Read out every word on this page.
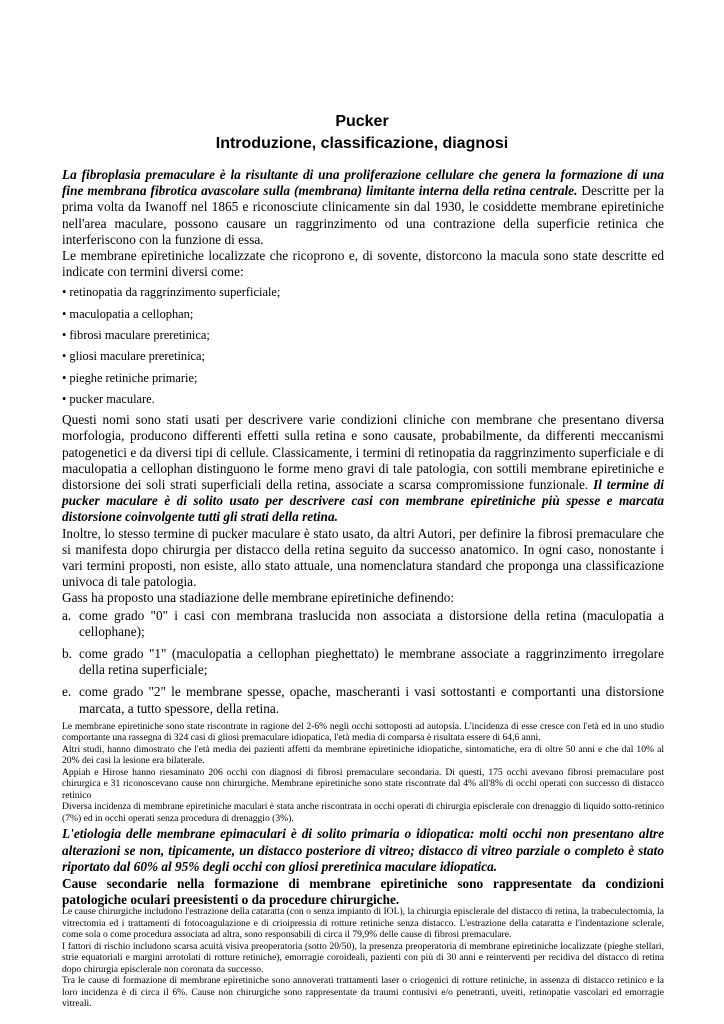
Pucker
Introduzione, classificazione, diagnosi

La fibroplasia premaculare è la risultante di una proliferazione cellulare che genera la formazione di una fine membrana fibrotica avascolare sulla (membrana) limitante interna della retina centrale. Descritte per la prima volta da Iwanoff nel 1865 e riconosciute clinicamente sin dal 1930, le cosiddette membrane epiretiniche nell'area maculare, possono causare un raggrinzimento od una contrazione della superficie retinica che interferiscono con la funzione di essa.

Le membrane epiretiniche localizzate che ricoprono e, di sovente, distorcono la macula sono state descritte ed indicate con termini diversi come:

• retinopatia da raggrinzimento superficiale;
• maculopatia a cellophan;
• fibrosi maculare preretinica;
• gliosi maculare preretinica;
• pieghe retiniche primarie;
• pucker maculare.

Questi nomi sono stati usati per descrivere varie condizioni cliniche con membrane che presentano diversa morfologia, producono differenti effetti sulla retina e sono causate, probabilmente, da differenti meccanismi patogenetici e da diversi tipi di cellule. Classicamente, i termini di retinopatia da raggrinzimento superficiale e di maculopatia a cellophan distinguono le forme meno gravi di tale patologia, con sottili membrane epiretiniche e distorsione dei soli strati superficiali della retina, associate a scarsa compromissione funzionale. Il termine di pucker maculare è di solito usato per descrivere casi con membrane epiretiniche più spesse e marcata distorsione coinvolgente tutti gli strati della retina.

Inoltre, lo stesso termine di pucker maculare è stato usato, da altri Autori, per definire la fibrosi premaculare che si manifesta dopo chirurgia per distacco della retina seguito da successo anatomico. In ogni caso, nonostante i vari termini proposti, non esiste, allo stato attuale, una nomenclatura standard che proponga una classificazione univoca di tale patologia.

Gass ha proposto una stadiazione delle membrane epiretiniche definendo:

a. come grado "0" i casi con membrana traslucida non associata a distorsione della retina (maculopatia a cellophane);
b. come grado "1" (maculopatia a cellophan pieghettato) le membrane associate a raggrinzimento irregolare della retina superficiale;
e. come grado "2" le membrane spesse, opache, mascheranti i vasi sottostanti e comportanti una distorsione marcata, a tutto spessore, della retina.

Le membrane epiretiniche sono state riscontrate in ragione del 2-6% negli occhi sottoposti ad autopsia. L'incidenza di esse cresce con l'età ed in uno studio comportante una rassegna di 324 casi di gliosi premaculare idiopatica, l'età media di comparsa è risultata essere di 64,6 anni.
Altri studi, hanno dimostrato che l'età media dei pazienti affetti da membrane epiretiniche idiopatiche, sintomatiche, era di oltre 50 anni e che dal 10% al 20% dei casi la lesione era bilaterale.
Appiah e Hirose hanno riesaminato 206 occhi con diagnosi di fibrosi premaculare secondaria. Di questi, 175 occhi avevano fibrosi premaculare post chirurgica e 31 riconoscevano cause non chirurgiche. Membrane epiretiniche sono state riscontrate dal 4% all'8% di occhi operati con successo di distacco retinico
Diversa incidenza di membrane epiretiniche maculari è stata anche riscontrata in occhi operati di chirurgia episclerale con drenaggio di liquido sotto-retinico (7%) ed in occhi operati senza procedura di drenaggio (3%).

L'etiologia delle membrane epimaculari è di solito primaria o idiopatica: molti occhi non presentano altre alterazioni se non, tipicamente, un distacco posteriore di vitreo; distacco di vitreo parziale o completo è stato riportato dal 60% al 95% degli occhi con gliosi preretinica maculare idiopatica.

Cause secondarie nella formazione di membrane epiretiniche sono rappresentate da condizioni patologiche oculari preesistenti o da procedure chirurgiche.

Le cause chirurgiche includono l'estrazione della cataratta (con o senza impianto di IOL), la chirurgia episclerale del distacco di retina, la trabeculectomia, la vitrectomia ed i trattamenti di fotocoagulazione e di crioipressia di rotture retiniche senza distacco. L'estrazione della cataratta e l'indentazione sclerale, come sola o come procedura associata ad altra, sono responsabili di circa il 79,9% delle cause di fibrosi premaculare.
I fattori di rischio includono scarsa acuità visiva preoperatoria (sotto 20/50), la presenza preoperatoria di membrane epiretiniche localizzate (pieghe stellari, strie equatoriali e margini arrotolati di rotture retiniche), emorragie coroideali, pazienti con più di 30 anni e reinterventi per recidiva del distacco di retina dopo chirurgia episclerale non coronata da successo.
Tra le cause di formazione di membrane epiretiniche sono annoverati trattamenti laser o criogenici di rotture retiniche, in assenza di distacco retinico e la loro incidenza è di circa il 6%. Cause non chirurgiche sono rappresentate da traumi contusivi e/o penetranti, uveiti, retinopatie vascolari ed emorragie vitreali.
